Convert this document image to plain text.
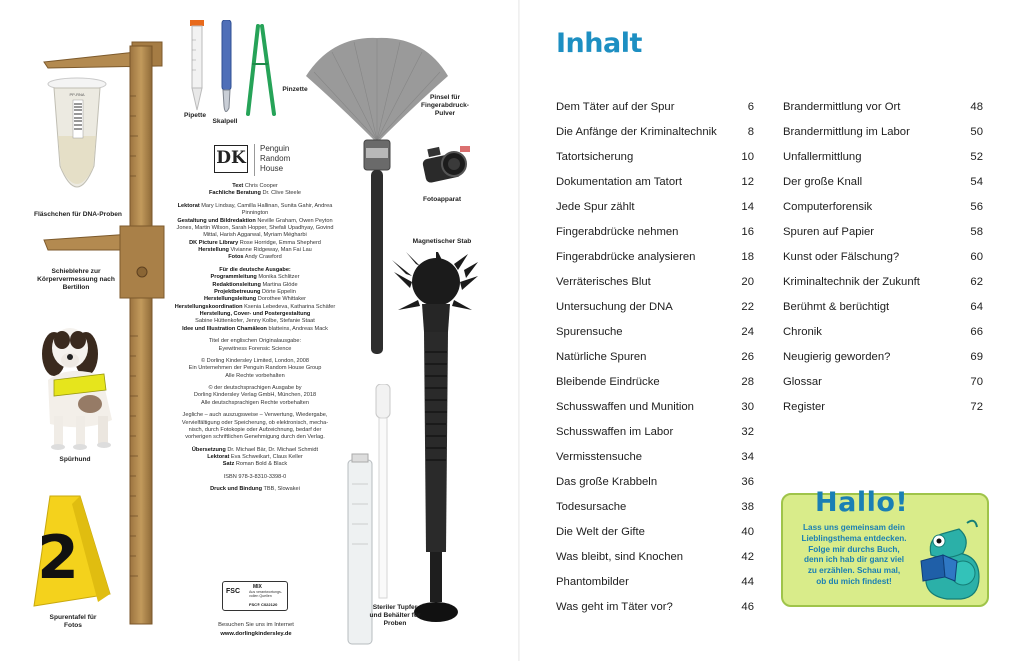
PP-RNA
Fläschchen für DNA-Proben
Schieblehre zur Körpervermessung nach Bertillon
Spürhund
2
Spurentafel für Fotos
Pipette
Skalpell
Pinzette
DK Penguin
Random
House

Text Chris Cooper

Fachliche Beratung Dr. Clive Steele

Lektorat Mary Lindsay, Camilla Hallinan, Sunita Gahir, Andrea Pinnington

Gestaltung und Bildredaktion Neville Graham, Owen Peyton Jones, Martin Wilson, Sarah Hopper, Shefali Upadhyay, Govind Mittal, Harish Aggarwal, Myriam Mégharbi

DK Picture Library Rose Horridge, Emma Shepherd

Herstellung Vivianne Ridgeway, Man Fai Lau

Fotos Andy Crawford

Für die deutsche Ausgabe:

Programmleitung Monika Schlitzer

Redaktionsleitung Martina Glöde

Projektbetreuung Dörte Eppelin

Herstellungsleitung Dorothee Whittaker

Herstellungskoordination Ksenia Lebedeva, Katharina Schäfer

Herstellung, Cover- und Postergestaltung

Sabine Hüttenkofer, Jenny Kolbe, Stefanie Staat

Idee und Illustration Chamäleon blatteins, Andreas Mack

Titel der englischen Originalausgabe:

Eyewitness Forensic Science

© Dorling Kindersley Limited, London, 2008

Ein Unternehmen der Penguin Random House Group

Alle Rechte vorbehalten

© der deutschsprachigen Ausgabe by

Dorling Kindersley Verlag GmbH, München, 2018

Alle deutschsprachigen Rechte vorbehalten

Jegliche – auch auszugsweise – Verwertung, Wiedergabe,

Vervielfältigung oder Speicherung, ob elektronisch, mecha-

nisch, durch Fotokopie oder Aufzeichnung, bedarf der

vorherigen schriftlichen Genehmigung durch den Verlag.

Übersetzung Dr. Michael Bär, Dr. Michael Schmidt

Lektorat Eva Schweikart, Claus Keller

Satz Roman Bold & Black

ISBN 978-3-8310-3398-0

Druck und Bindung TBB, Slowakei

FSC
MIX
Aus verantwortungs-
vollen Quellen
FSC® C022120
Besuchen Sie uns im Internet
www.dorlingkindersley.de
Pinsel für Fingerabdruck-Pulver
Fotoapparat
Magnetischer Stab
Steriler Tupfer und Behälter für Proben
Inhalt
Dem Täter auf der Spur	6
Die Anfänge der Kriminaltechnik	8
Tatortsicherung	10
Dokumentation am Tatort	12
Jede Spur zählt	14
Fingerabdrücke nehmen	16
Fingerabdrücke analysieren	18
Verräterisches Blut	20
Untersuchung der DNA	22
Spurensuche	24
Natürliche Spuren	26
Bleibende Eindrücke	28
Schusswaffen und Munition	30
Schusswaffen im Labor	32
Vermisstensuche	34
Das große Krabbeln	36
Todesursache	38
Die Welt der Gifte	40
Was bleibt, sind Knochen	42
Phantombilder	44
Was geht im Täter vor?	46
Brandermittlung vor Ort	48
Brandermittlung im Labor	50
Unfallermittlung	52
Der große Knall	54
Computerforensik	56
Spuren auf Papier	58
Kunst oder Fälschung?	60
Kriminaltechnik der Zukunft	62
Berühmt & berüchtigt	64
Chronik	66
Neugierig geworden?	69
Glossar	70
Register	72
Hallo!
Lass uns gemeinsam dein
Lieblingsthema entdecken.
Folge mir durchs Buch,
denn ich hab dir ganz viel
zu erzählen. Schau mal,
ob du mich findest!
